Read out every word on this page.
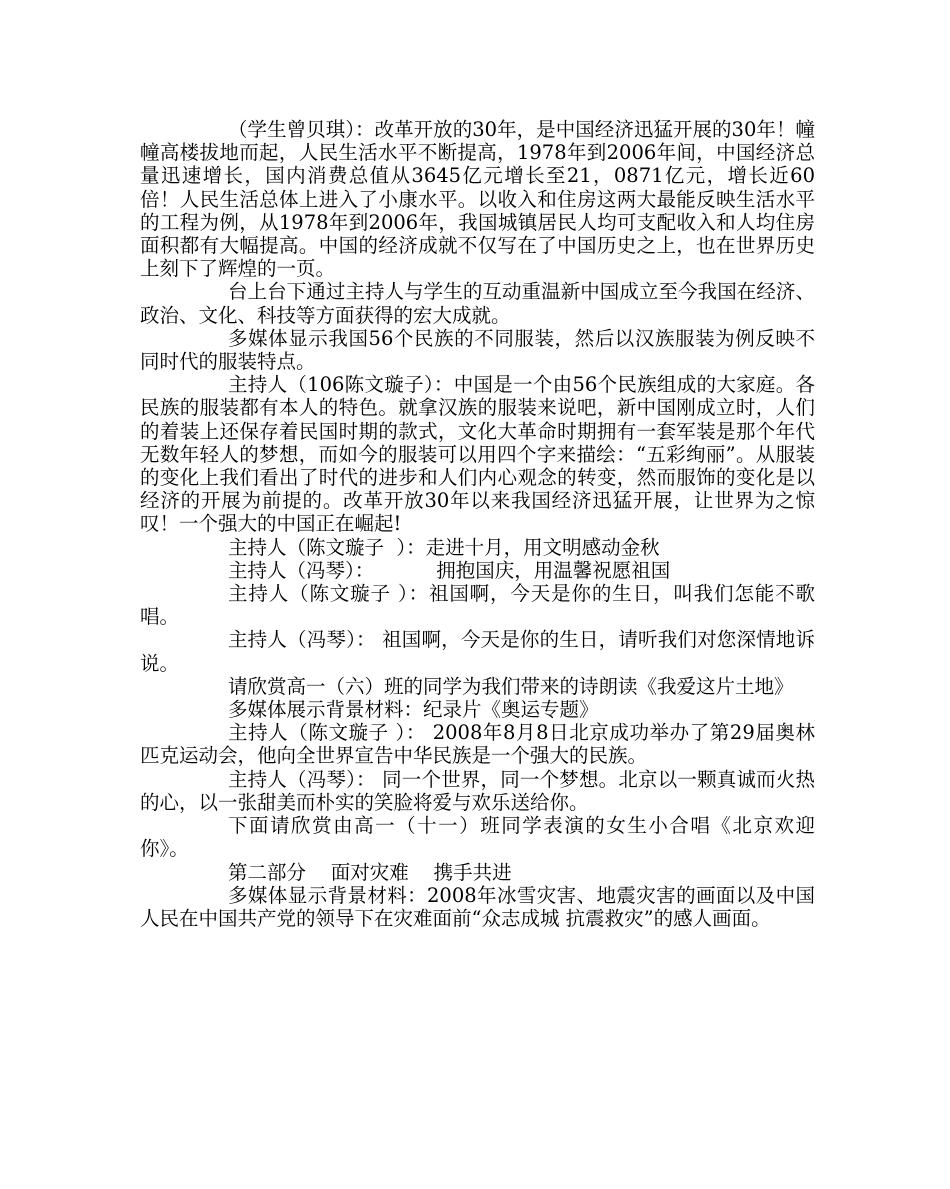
（学生曾贝琪）：改革开放的30年，是中国经济迅猛开展的30年！幢幢高楼拔地而起，人民生活水平不断提高，1978年到2006年间，中国经济总量迅速增长，国内消费总值从3645亿元增长至21，0871亿元，增长近60倍！人民生活总体上进入了小康水平。以收入和住房这两大最能反映生活水平的工程为例，从1978年到2006年，我国城镇居民人均可支配收入和人均住房面积都有大幅提高。中国的经济成就不仅写在了中国历史之上，也在世界历史上刻下了辉煌的一页。

台上台下通过主持人与学生的互动重温新中国成立至今我国在经济、政治、文化、科技等方面获得的宏大成就。

多媒体显示我国56个民族的不同服装，然后以汉族服装为例反映不同时代的服装特点。

主持人（106陈文璇子）：中国是一个由56个民族组成的大家庭。各民族的服装都有本人的特色。就拿汉族的服装来说吧，新中国刚成立时，人们的着装上还保存着民国时期的款式，文化大革命时期拥有一套军装是那个年代无数年轻人的梦想，而如今的服装可以用四个字来描绘：“五彩绚丽”。从服装的变化上我们看出了时代的进步和人们内心观念的转变，然而服饰的变化是以经济的开展为前提的。改革开放30年以来我国经济迅猛开展，让世界为之惊叹！一个强大的中国正在崛起!

主持人（陈文璇子  ）：走进十月，用文明感动金秋

主持人（冯琴）：          拥抱国庆，用温馨祝愿祖国

主持人（陈文璇子 ）：祖国啊，今天是你的生日，叫我们怎能不歌唱。

主持人（冯琴）： 祖国啊，今天是你的生日，请听我们对您深情地诉说。

请欣赏高一（六）班的同学为我们带来的诗朗读《我爱这片土地》

多媒体展示背景材料：纪录片《奥运专题》

主持人（陈文璇子 ）： 2008年8月8日北京成功举办了第29届奥林匹克运动会，他向全世界宣告中华民族是一个强大的民族。

主持人（冯琴）： 同一个世界，同一个梦想。北京以一颗真诚而火热的心，以一张甜美而朴实的笑脸将爱与欢乐送给你。

下面请欣赏由高一（十一）班同学表演的女生小合唱《北京欢迎你》。

第二部分    面对灾难    携手共进

多媒体显示背景材料：2008年冰雪灾害、地震灾害的画面以及中国人民在中国共产党的领导下在灾难面前“众志成城 抗震救灾”的感人画面。
